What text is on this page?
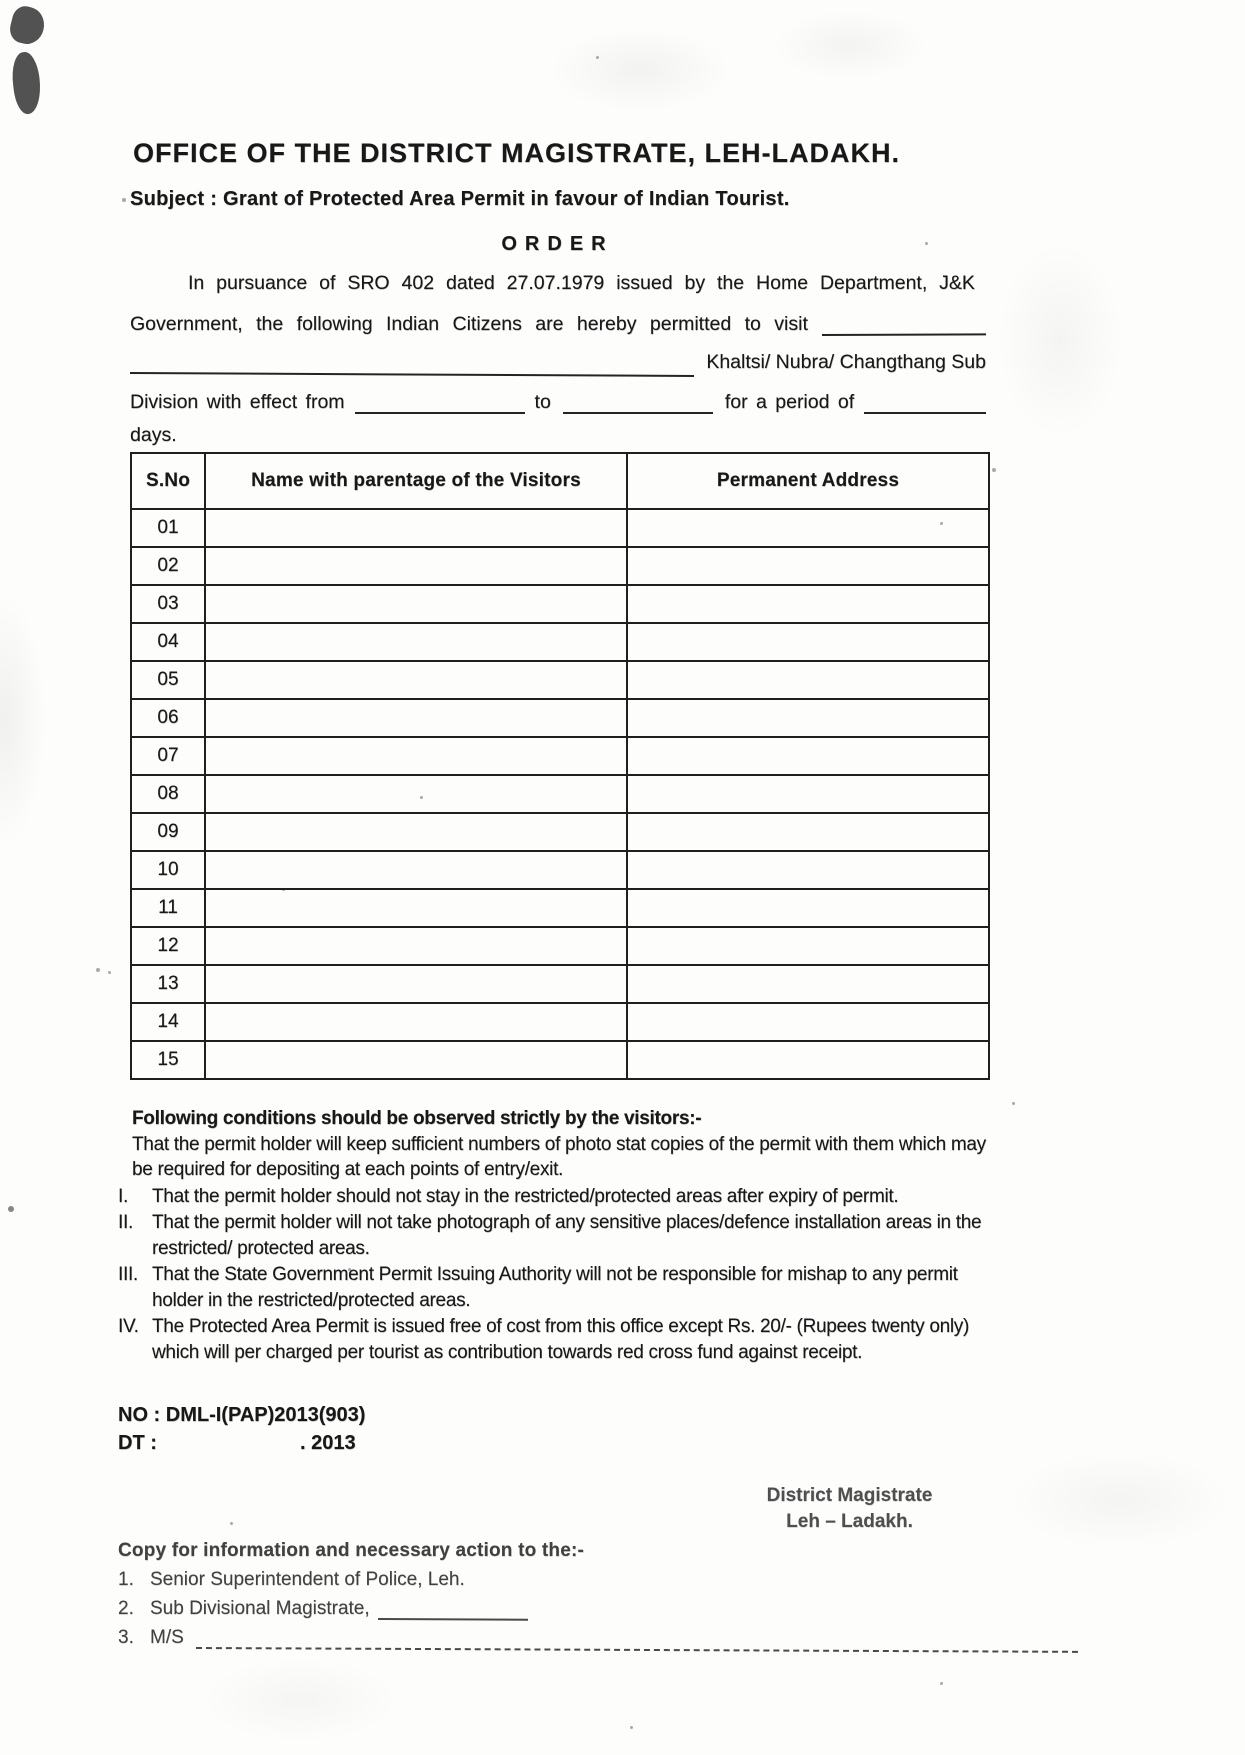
OFFICE OF THE DISTRICT MAGISTRATE, LEH-LADAKH.
Subject : Grant of Protected Area Permit in favour of Indian Tourist.
ORDER
In pursuance of SRO 402 dated 27.07.1979 issued by the Home Department, J&K
Government, the following Indian Citizens are hereby permitted to visit
Khaltsi/ Nubra/ Changthang Sub
Division with effect from	to	for a period of
days.
S.No	Name with parentage of the Visitors	Permanent Address
01		
02		
03		
04		
05		
06		
07		
08		
09		
10		
11		
12		
13		
14		
15		
Following conditions should be observed strictly by the visitors:-
That the permit holder will keep sufficient numbers of photo stat copies of the permit with them which may be required for depositing at each points of entry/exit.
I.	That the permit holder should not stay in the restricted/protected areas after expiry of permit.
II.	That the permit holder will not take photograph of any sensitive places/defence installation areas in the restricted/ protected areas.
III. That the State Government Permit Issuing Authority will not be responsible for mishap to any permit holder in the restricted/protected areas.
IV. The Protected Area Permit is issued free of cost from this office except Rs. 20/- (Rupees twenty only) which will per charged per tourist as contribution towards red cross fund against receipt.
NO : DML-I(PAP)2013(903)
DT :	. 2013
District Magistrate
Leh – Ladakh.
Copy for information and necessary action to the:-
1. Senior Superintendent of Police, Leh.
2. Sub Divisional Magistrate,
3. M/S
